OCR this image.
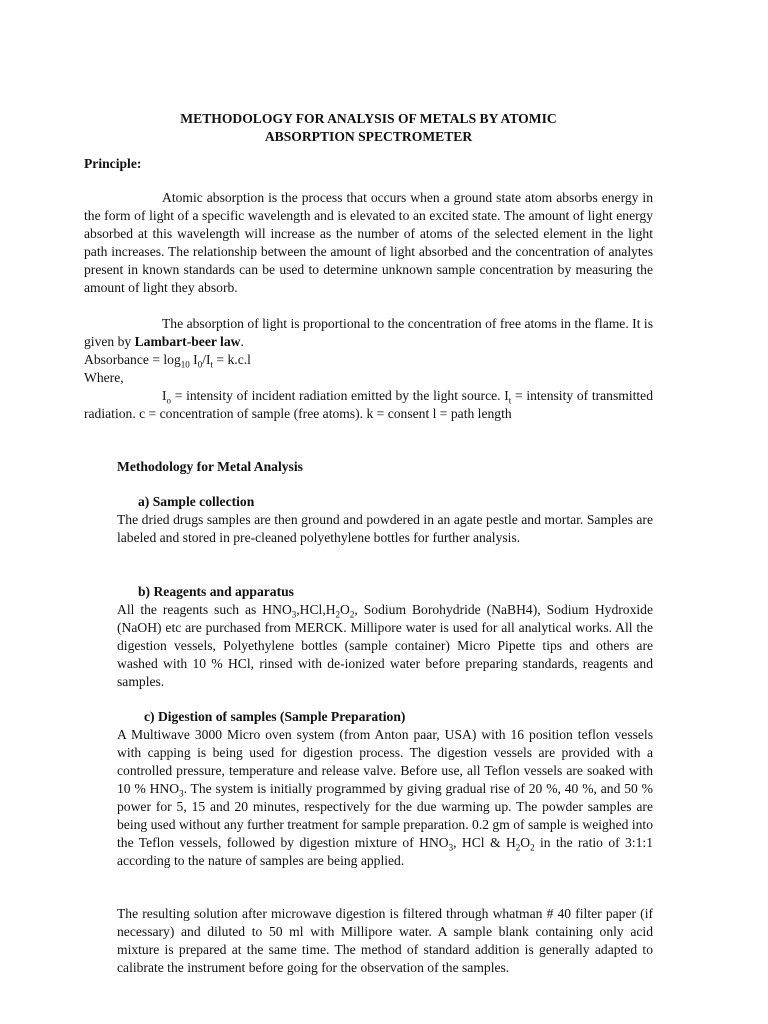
METHODOLOGY FOR ANALYSIS OF METALS BY ATOMIC
ABSORPTION SPECTROMETER
Principle:
Atomic absorption is the process that occurs when a ground state atom absorbs energy in the form of light of a specific wavelength and is elevated to an excited state. The amount of light energy absorbed at this wavelength will increase as the number of atoms of the selected element in the light path increases. The relationship between the amount of light absorbed and the concentration of analytes present in known standards can be used to determine unknown sample concentration by measuring the amount of light they absorb.
The absorption of light is proportional to the concentration of free atoms in the flame. It is given by Lambart-beer law.
Absorbance = $\log_{10} I_0/I_t = k.c.l$
Where,
$I_o$ = intensity of incident radiation emitted by the light source. $I_t$ = intensity of transmitted radiation. c = concentration of sample (free atoms). k = consent l = path length
Methodology for Metal Analysis
a) Sample collection
The dried drugs samples are then ground and powdered in an agate pestle and mortar. Samples are labeled and stored in pre-cleaned polyethylene bottles for further analysis.
b) Reagents and apparatus
All the reagents such as $HNO_3,HCl,H_2O_2$, Sodium Borohydride (NaBH4), Sodium Hydroxide (NaOH) etc are purchased from MERCK. Millipore water is used for all analytical works. All the digestion vessels, Polyethylene bottles (sample container) Micro Pipette tips and others are washed with 10 % HCl, rinsed with de-ionized water before preparing standards, reagents and samples.
c) Digestion of samples (Sample Preparation)
A Multiwave 3000 Micro oven system (from Anton paar, USA) with 16 position teflon vessels with capping is being used for digestion process. The digestion vessels are provided with a controlled pressure, temperature and release valve. Before use, all Teflon vessels are soaked with 10 % $HNO_3$. The system is initially programmed by giving gradual rise of 20 %, 40 %, and 50 % power for 5, 15 and 20 minutes, respectively for the due warming up. The powder samples are being used without any further treatment for sample preparation. 0.2 gm of sample is weighed into the Teflon vessels, followed by digestion mixture of $HNO_3$, HCl & $H_2O_2$ in the ratio of 3:1:1 according to the nature of samples are being applied.
The resulting solution after microwave digestion is filtered through whatman # 40 filter paper (if necessary) and diluted to 50 ml with Millipore water. A sample blank containing only acid mixture is prepared at the same time. The method of standard addition is generally adapted to calibrate the instrument before going for the observation of the samples.
